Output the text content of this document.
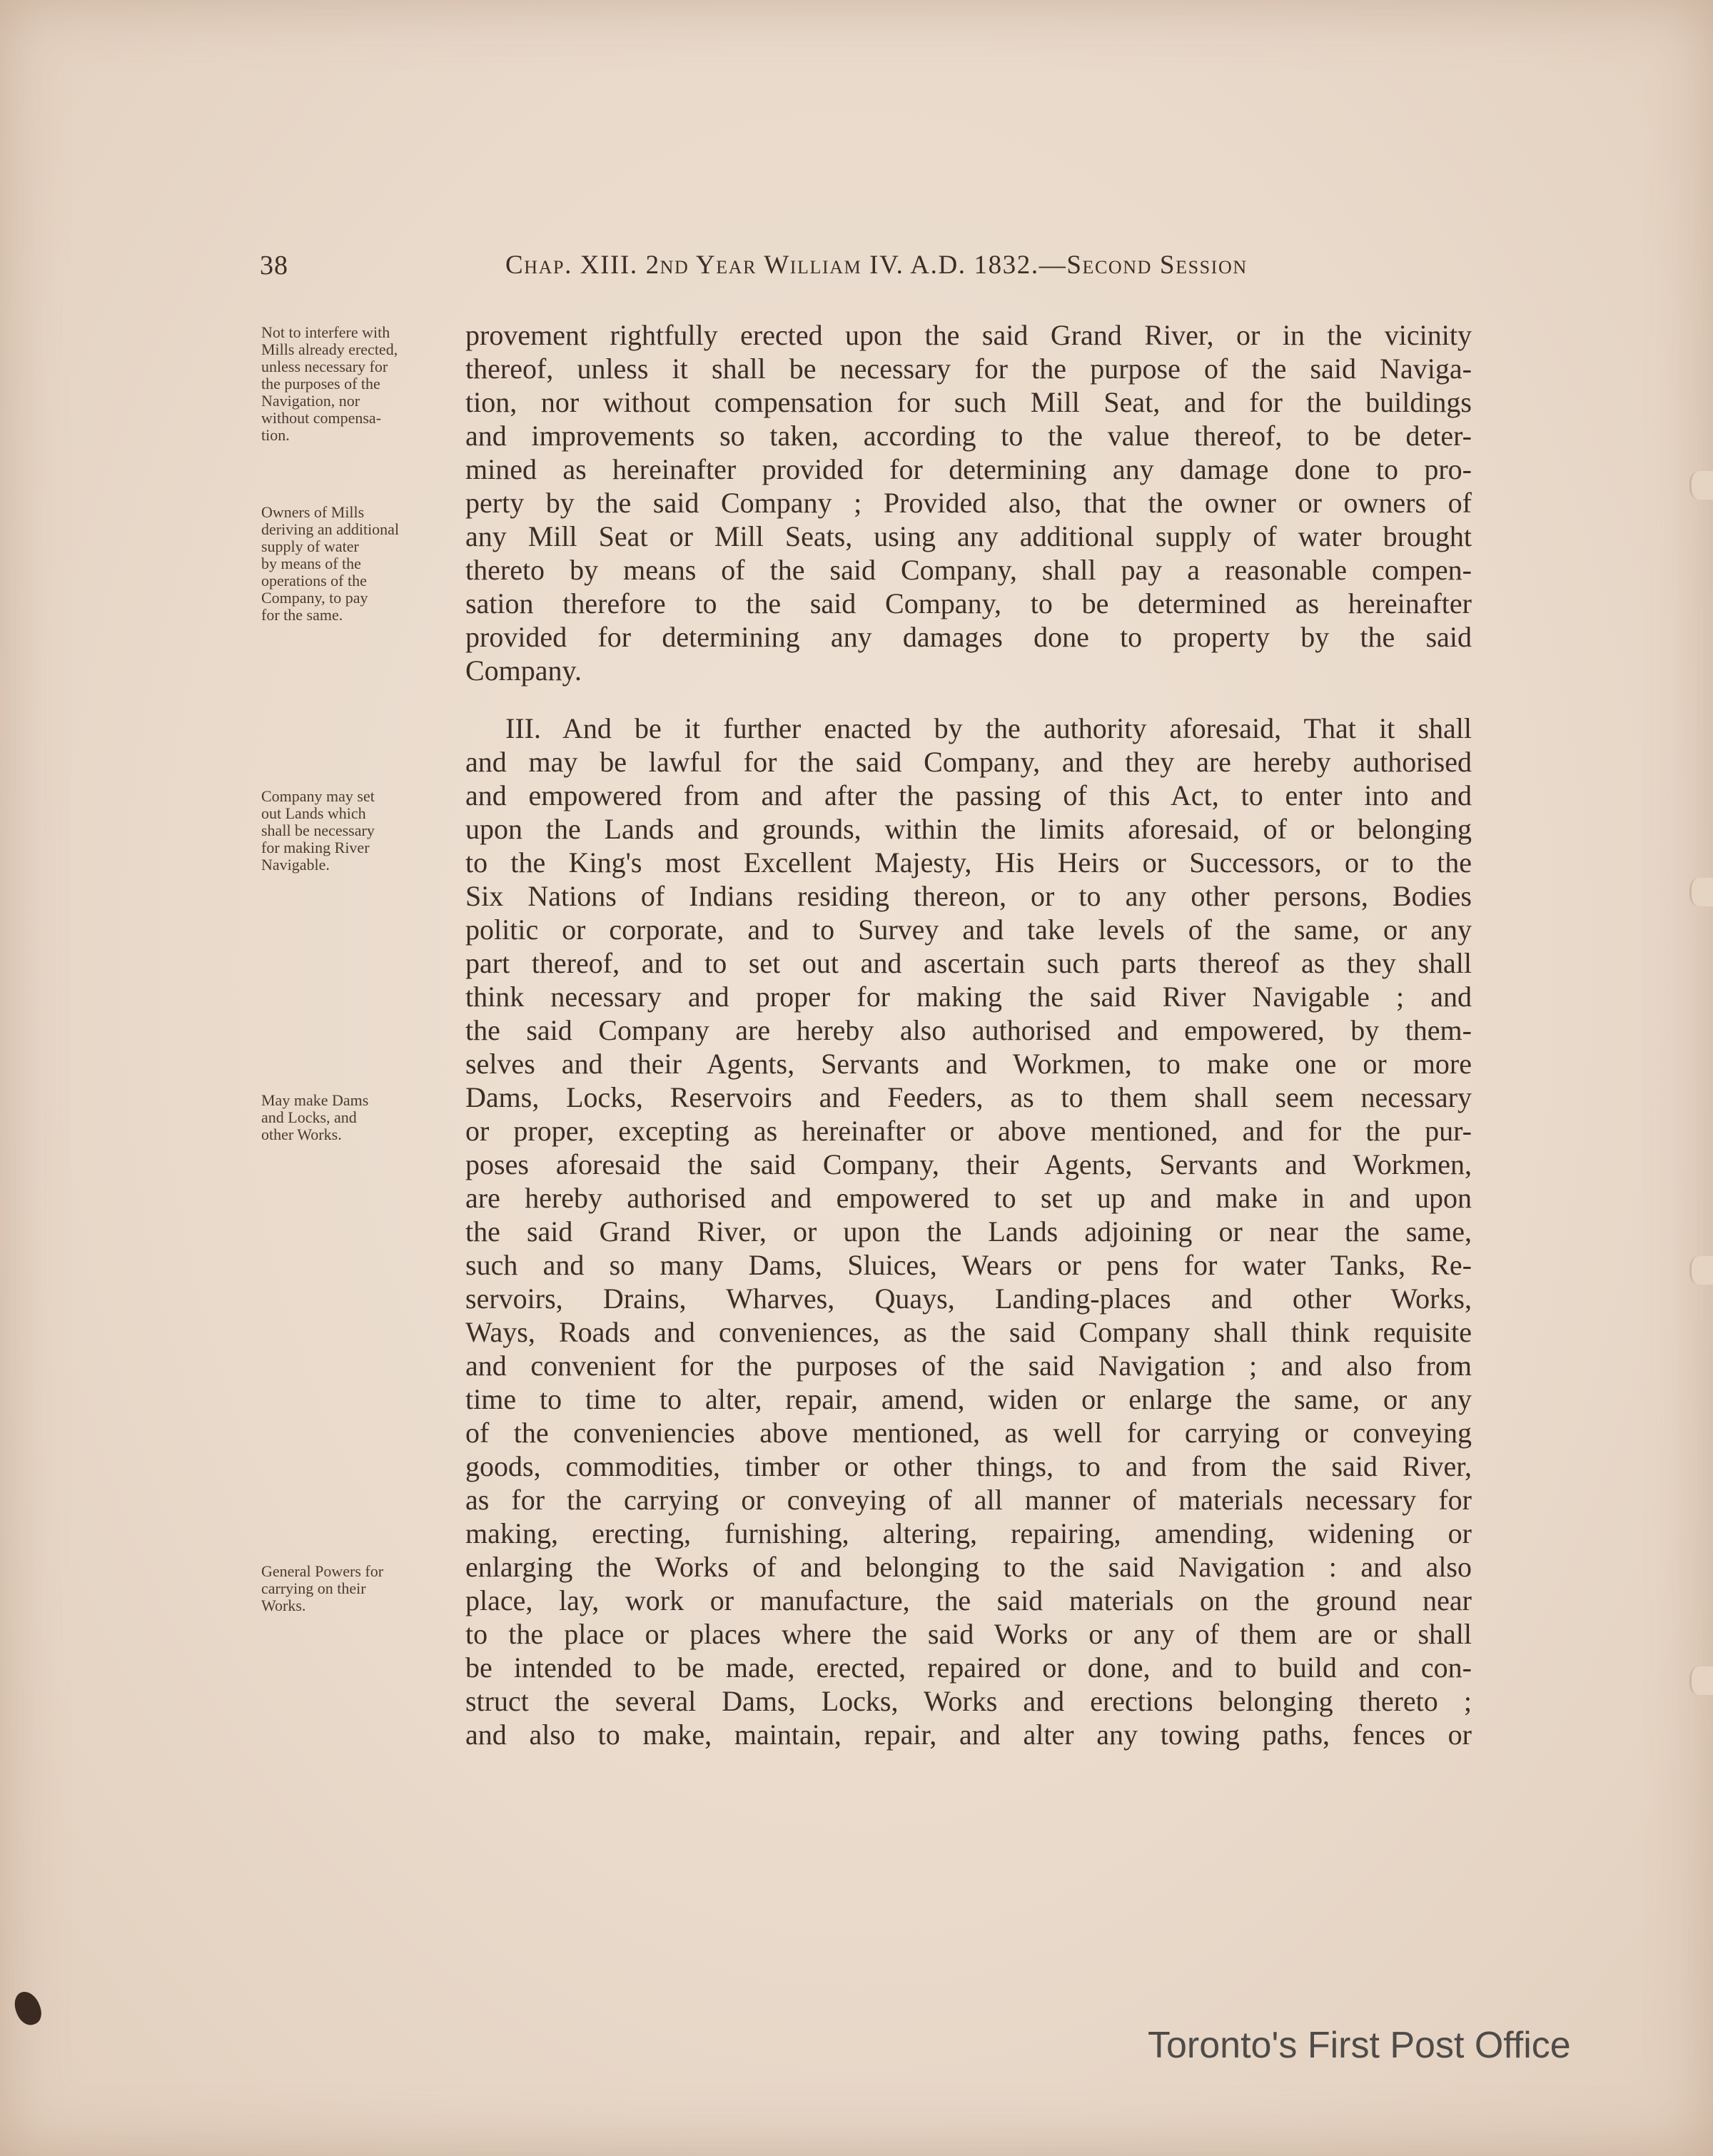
38	Chap. XIII. 2nd Year William IV. A.D. 1832.—Second Session
Not to interfere with
Mills already erected,
unless necessary for
the purposes of the
Navigation, nor
without compensa-
tion.
Owners of Mills
deriving an additional
supply of water
by means of the
operations of the
Company, to pay
for the same.
Company may set
out Lands which
shall be necessary
for making River
Navigable.
May make Dams
and Locks, and
other Works.
General Powers for
carrying on their
Works.
provement rightfully erected upon the said Grand River, or in the vicinity
thereof, unless it shall be necessary for the purpose of the said Naviga-
tion, nor without compensation for such Mill Seat, and for the buildings
and improvements so taken, according to the value thereof, to be deter-
mined as hereinafter provided for determining any damage done to pro-
perty by the said Company ; Provided also, that the owner or owners of
any Mill Seat or Mill Seats, using any additional supply of water brought
thereto by means of the said Company, shall pay a reasonable compen-
sation therefore to the said Company, to be determined as hereinafter
provided for determining any damages done to property by the said
Company.
III. And be it further enacted by the authority aforesaid, That it shall
and may be lawful for the said Company, and they are hereby authorised
and empowered from and after the passing of this Act, to enter into and
upon the Lands and grounds, within the limits aforesaid, of or belonging
to the King's most Excellent Majesty, His Heirs or Successors, or to the
Six Nations of Indians residing thereon, or to any other persons, Bodies
politic or corporate, and to Survey and take levels of the same, or any
part thereof, and to set out and ascertain such parts thereof as they shall
think necessary and proper for making the said River Navigable ; and
the said Company are hereby also authorised and empowered, by them-
selves and their Agents, Servants and Workmen, to make one or more
Dams, Locks, Reservoirs and Feeders, as to them shall seem necessary
or proper, excepting as hereinafter or above mentioned, and for the pur-
poses aforesaid the said Company, their Agents, Servants and Workmen,
are hereby authorised and empowered to set up and make in and upon
the said Grand River, or upon the Lands adjoining or near the same,
such and so many Dams, Sluices, Wears or pens for water Tanks, Re-
servoirs, Drains, Wharves, Quays, Landing-places and other Works,
Ways, Roads and conveniences, as the said Company shall think requisite
and convenient for the purposes of the said Navigation ; and also from
time to time to alter, repair, amend, widen or enlarge the same, or any
of the conveniencies above mentioned, as well for carrying or conveying
goods, commodities, timber or other things, to and from the said River,
as for the carrying or conveying of all manner of materials necessary for
making, erecting, furnishing, altering, repairing, amending, widening or
enlarging the Works of and belonging to the said Navigation : and also
place, lay, work or manufacture, the said materials on the ground near
to the place or places where the said Works or any of them are or shall
be intended to be made, erected, repaired or done, and to build and con-
struct the several Dams, Locks, Works and erections belonging thereto ;
and also to make, maintain, repair, and alter any towing paths, fences or
Toronto's First Post Office
